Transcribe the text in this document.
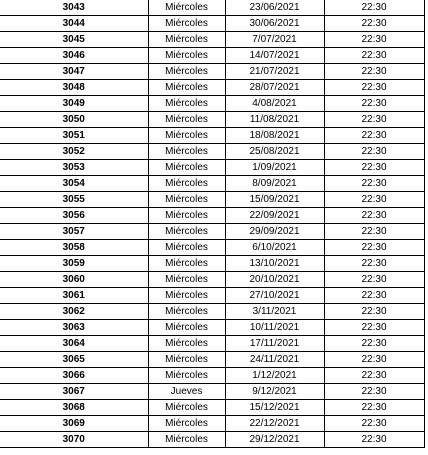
3043	Miércoles	23/06/2021	22:30
3044	Miércoles	30/06/2021	22:30
3045	Miércoles	7/07/2021	22:30
3046	Miércoles	14/07/2021	22:30
3047	Miércoles	21/07/2021	22:30
3048	Miércoles	28/07/2021	22:30
3049	Miércoles	4/08/2021	22:30
3050	Miércoles	11/08/2021	22:30
3051	Miércoles	18/08/2021	22:30
3052	Miércoles	25/08/2021	22:30
3053	Miércoles	1/09/2021	22:30
3054	Miércoles	8/09/2021	22:30
3055	Miércoles	15/09/2021	22:30
3056	Miércoles	22/09/2021	22:30
3057	Miércoles	29/09/2021	22:30
3058	Miércoles	6/10/2021	22:30
3059	Miércoles	13/10/2021	22:30
3060	Miércoles	20/10/2021	22:30
3061	Miércoles	27/10/2021	22:30
3062	Miércoles	3/11/2021	22:30
3063	Miércoles	10/11/2021	22:30
3064	Miércoles	17/11/2021	22:30
3065	Miércoles	24/11/2021	22:30
3066	Miércoles	1/12/2021	22:30
3067	Jueves	9/12/2021	22:30
3068	Miércoles	15/12/2021	22:30
3069	Miércoles	22/12/2021	22:30
3070	Miércoles	29/12/2021	22:30
